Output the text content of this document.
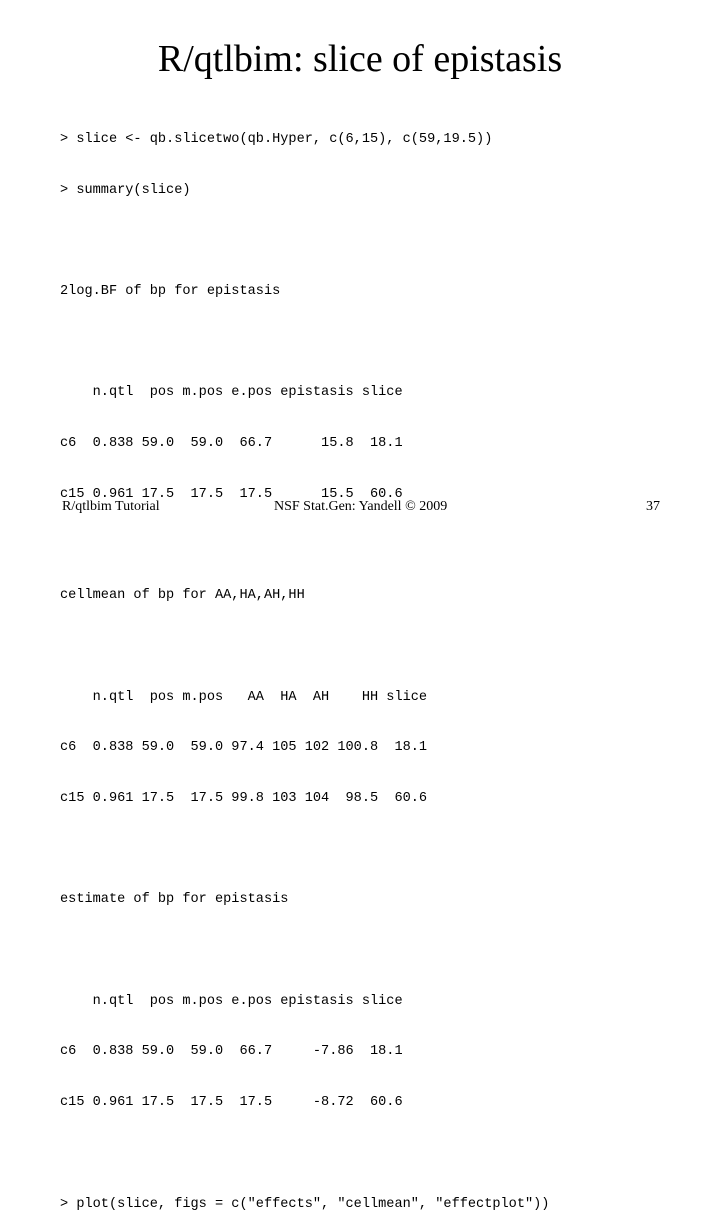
R/qtlbim: slice of epistasis

> slice <- qb.slicetwo(qb.Hyper, c(6,15), c(59,19.5))

> summary(slice)

2log.BF of bp for epistasis

n.qtl  pos m.pos e.pos epistasis slice

c6  0.838 59.0  59.0  66.7      15.8  18.1

c15 0.961 17.5  17.5  17.5      15.5  60.6

cellmean of bp for AA,HA,AH,HH

n.qtl  pos m.pos   AA  HA  AH    HH slice

c6  0.838 59.0  59.0 97.4 105 102 100.8  18.1

c15 0.961 17.5  17.5 99.8 103 104  98.5  60.6

estimate of bp for epistasis

n.qtl  pos m.pos e.pos epistasis slice

c6  0.838 59.0  59.0  66.7     -7.86  18.1

c15 0.961 17.5  17.5  17.5     -8.72  60.6

> plot(slice, figs = c("effects", "cellmean", "effectplot"))

R/qtlbim Tutorial	NSF Stat.Gen: Yandell © 2009	37
